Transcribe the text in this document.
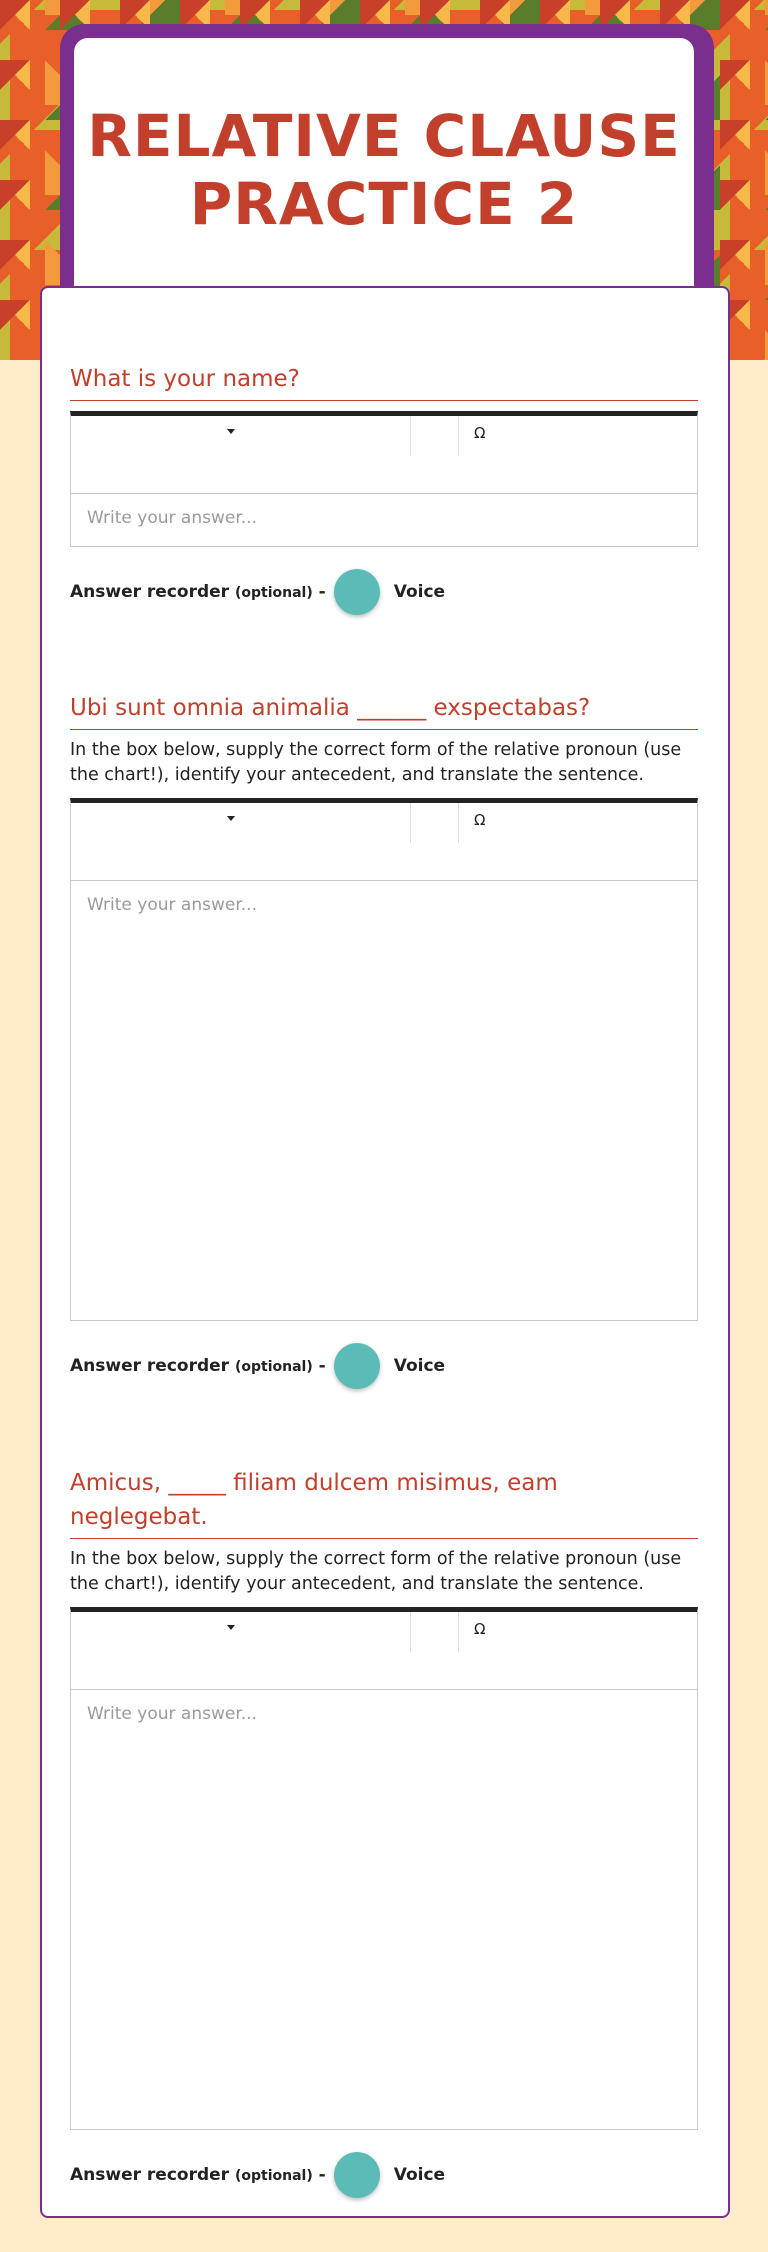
RELATIVE CLAUSE
PRACTICE 2
What is your name?
Ω
Write your answer...
Answer recorder (optional) -	Voice
Ubi sunt omnia animalia ______ exspectabas?
In the box below, supply the correct form of the relative pronoun (use the chart!), identify your antecedent, and translate the sentence.
Ω
Write your answer...
Answer recorder (optional) -	Voice
Amicus, _____ filiam dulcem misimus, eam neglegebat.
In the box below, supply the correct form of the relative pronoun (use the chart!), identify your antecedent, and translate the sentence.
Ω
Write your answer...
Answer recorder (optional) -	Voice
